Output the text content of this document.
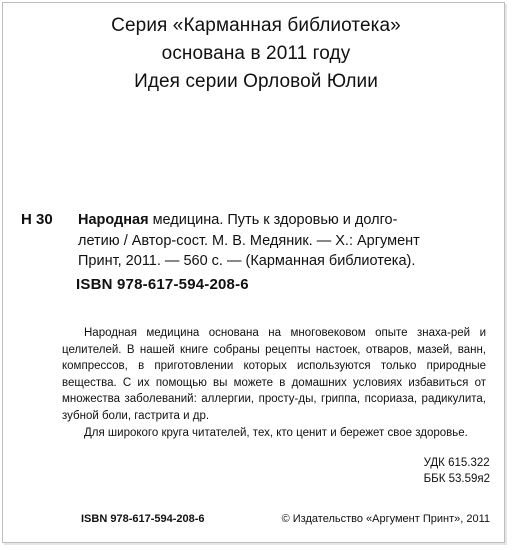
Серия «Карманная библиотека»
основана в 2011 году
Идея серии Орловой Юлии
Н 30 Народная медицина. Путь к здоровью и долго-
летию / Автор-сост. М. В. Медяник. — Х.: Аргумент
Принт, 2011. — 560 с. — (Карманная библиотека).
ISBN 978-617-594-208-6

Народная медицина основана на многовековом опыте знаха-рей и целителей. В нашей книге собраны рецепты настоек, отваров, мазей, ванн, компрессов, в приготовлении которых используются только природные вещества. С их помощью вы можете в домашних условиях избавиться от множества заболеваний: аллергии, просту-ды, гриппа, псориаза, радикулита, зубной боли, гастрита и др.

Для широкого круга читателей, тех, кто ценит и бережет свое здоровье.

УДК 615.322
ББК 53.59я2
ISBN 978-617-594-208-6	© Издательство «Аргумент Принт», 2011
